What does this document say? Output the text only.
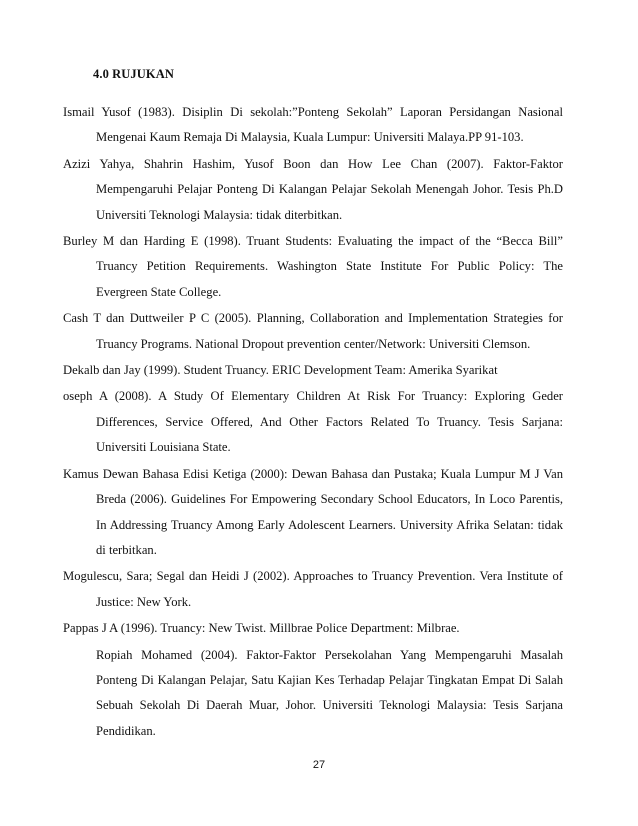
4.0 RUJUKAN

Ismail Yusof (1983). Disiplin Di sekolah:”Ponteng Sekolah” Laporan Persidangan Nasional Mengenai Kaum Remaja Di Malaysia, Kuala Lumpur: Universiti Malaya.PP 91-103.

Azizi Yahya, Shahrin Hashim, Yusof Boon dan How Lee Chan (2007). Faktor-Faktor Mempengaruhi Pelajar Ponteng Di Kalangan Pelajar Sekolah Menengah Johor. Tesis Ph.D Universiti Teknologi Malaysia: tidak diterbitkan.

Burley M dan Harding E (1998). Truant Students: Evaluating the impact of the “Becca Bill” Truancy Petition Requirements. Washington State Institute For Public Policy: The Evergreen State College.

Cash T dan Duttweiler P C (2005). Planning, Collaboration and Implementation Strategies for Truancy Programs. National Dropout prevention center/Network: Universiti Clemson.

Dekalb dan Jay (1999). Student Truancy. ERIC Development Team: Amerika Syarikat

oseph A (2008). A Study Of Elementary Children At Risk For Truancy: Exploring Geder Differences, Service Offered, And Other Factors Related To Truancy. Tesis Sarjana: Universiti Louisiana State.

Kamus Dewan Bahasa Edisi Ketiga (2000): Dewan Bahasa dan Pustaka; Kuala Lumpur M J Van Breda (2006). Guidelines For Empowering Secondary School Educators, In Loco Parentis, In Addressing Truancy Among Early Adolescent Learners. University Afrika Selatan: tidak di terbitkan.

Mogulescu, Sara; Segal dan Heidi J (2002). Approaches to Truancy Prevention. Vera Institute of Justice: New York.

Pappas J A (1996). Truancy: New Twist. Millbrae Police Department: Milbrae.

Ropiah Mohamed (2004). Faktor-Faktor Persekolahan Yang Mempengaruhi Masalah Ponteng Di Kalangan Pelajar, Satu Kajian Kes Terhadap Pelajar Tingkatan Empat Di Salah Sebuah Sekolah Di Daerah Muar, Johor. Universiti Teknologi Malaysia: Tesis Sarjana Pendidikan.

27
